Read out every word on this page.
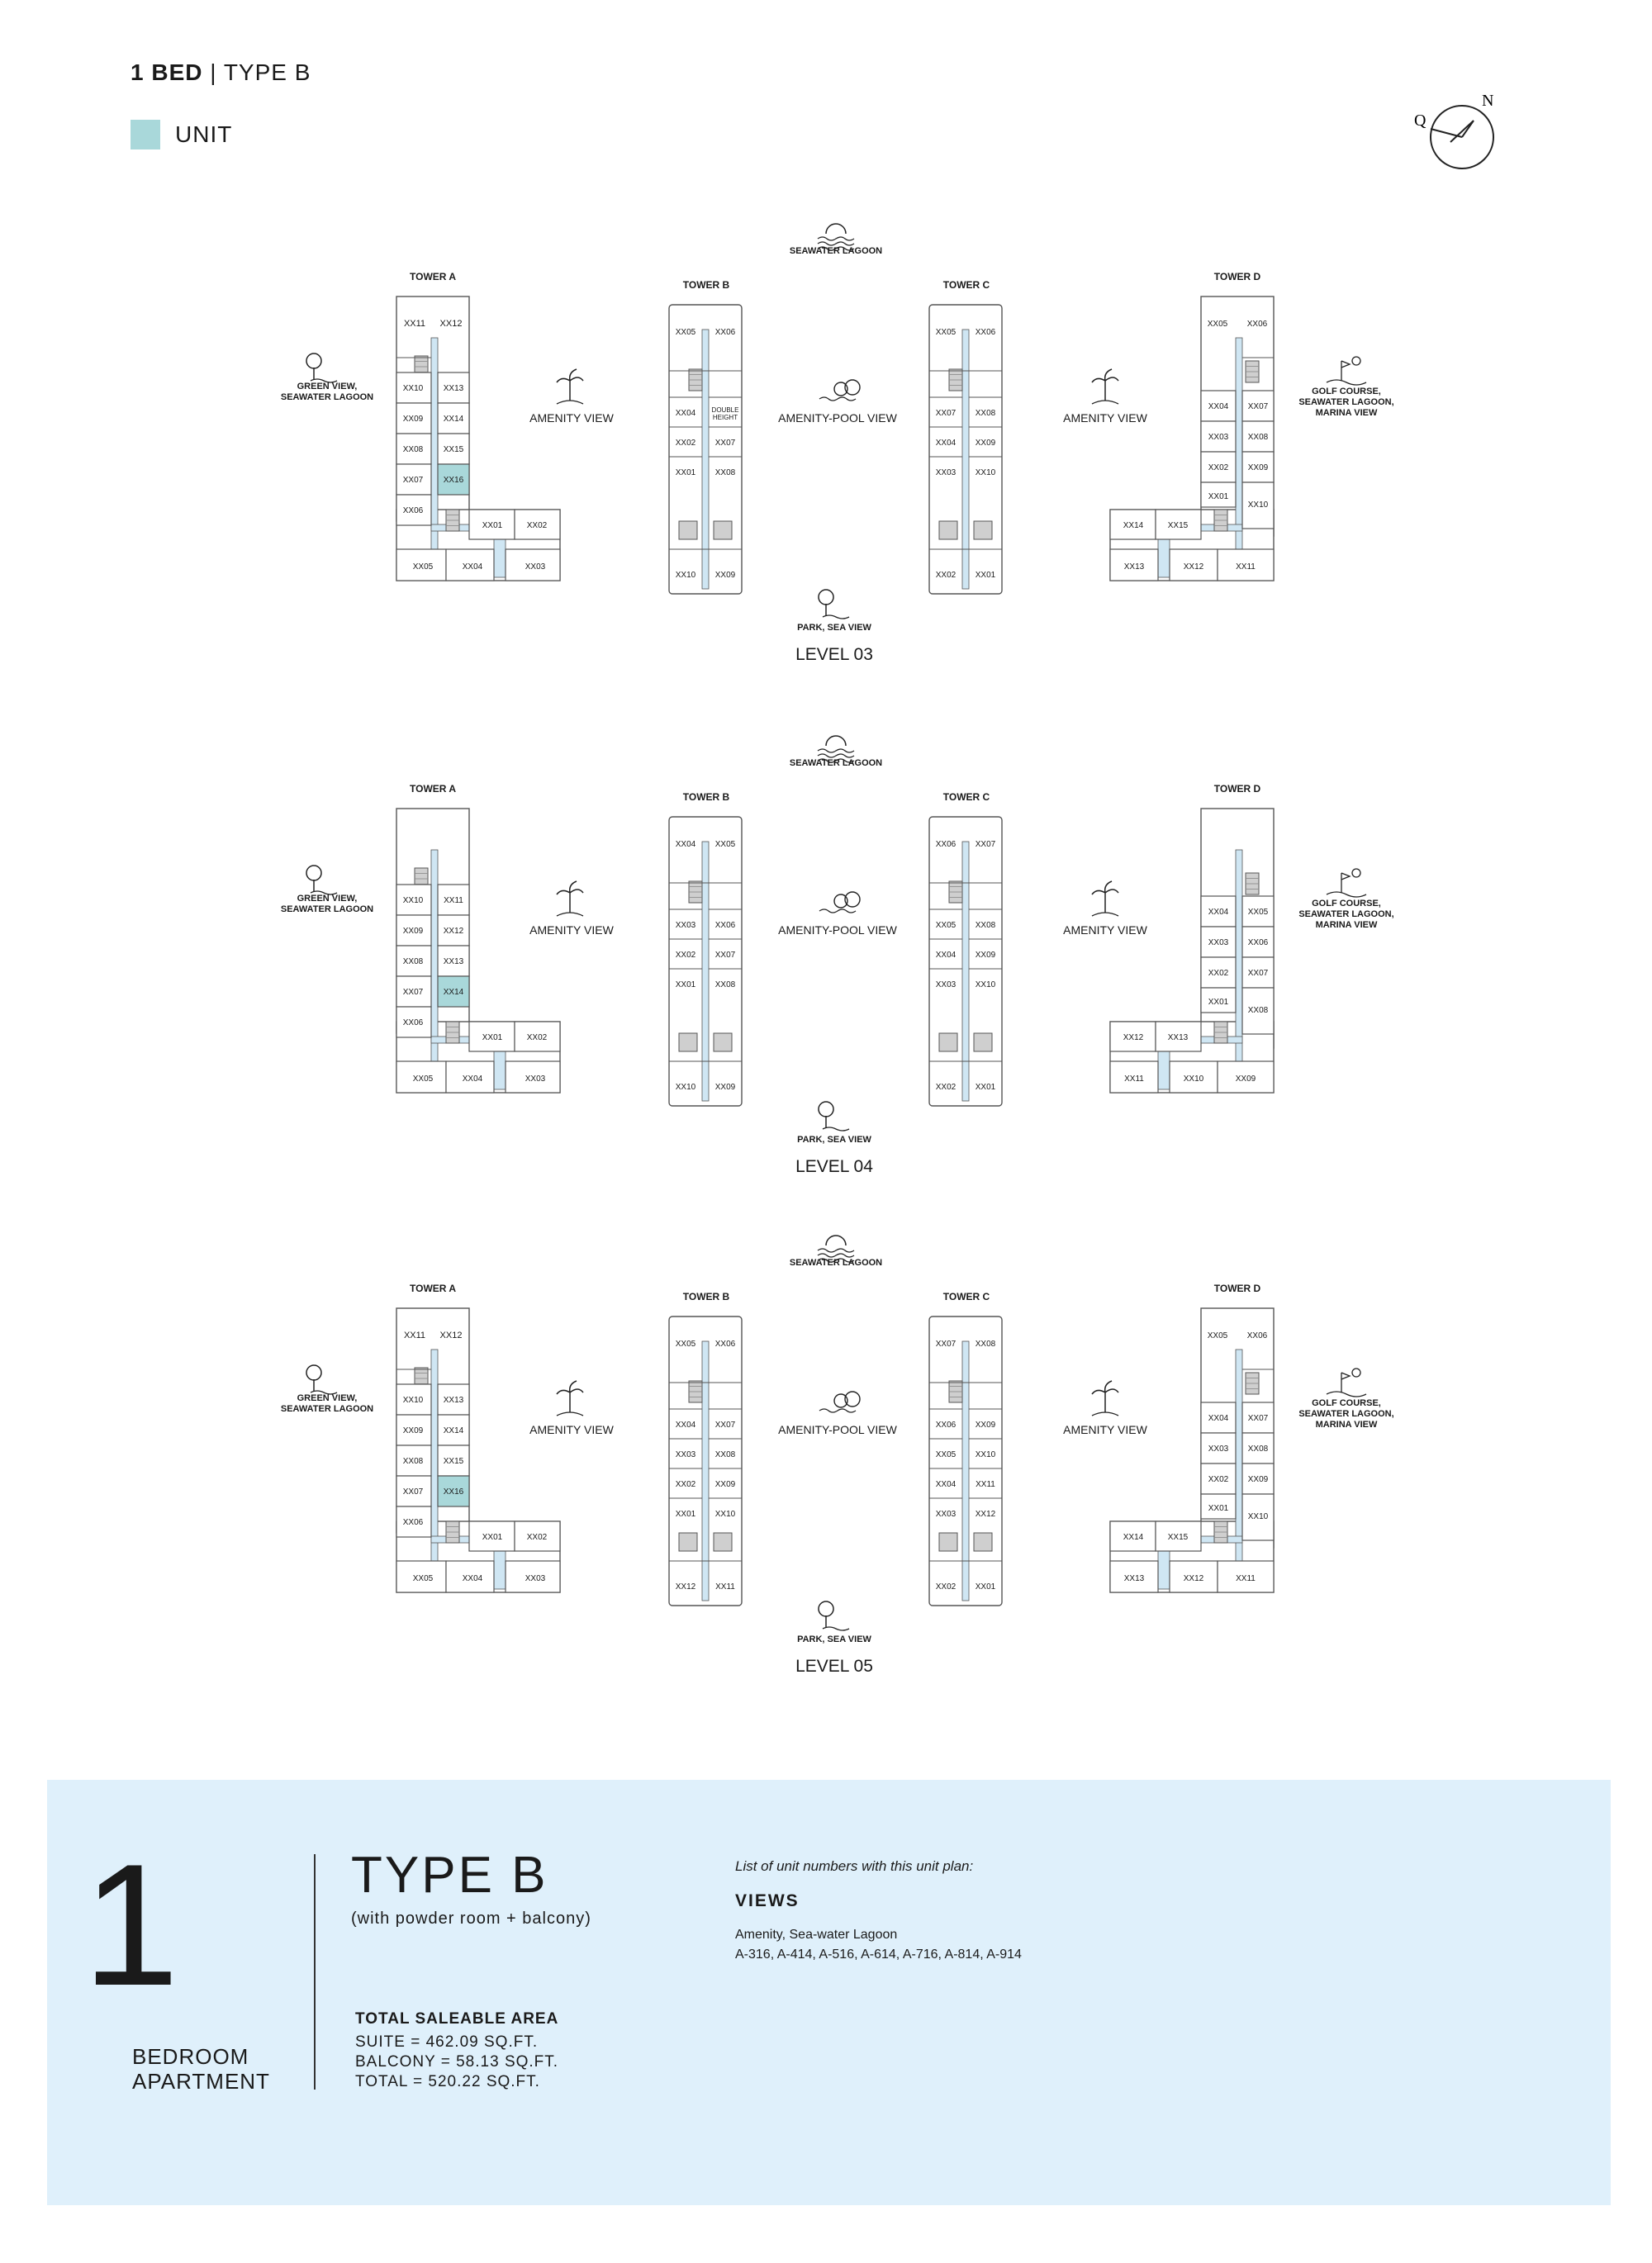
1 BED | TYPE B
UNIT
Q
N
SEAWATER LAGOON
TOWER A
TOWER B	TOWER C
TOWER D
XX11 XX12
XX10 XX13
XX09 XX14
XX08 XX15
XX07 XX16
XX06
XX01	XX02
XX05	XX04	XX03
XX05 XX06
XX04 DOUBLE
HEIGHT
XX02 XX07
XX01 XX08
XX10 XX09
XX05 XX06
XX07 XX08
XX04 XX09
XX03 XX10
XX02 XX01
XX05 XX06
XX04 XX07
XX03 XX08
XX02 XX09
XX01
XX10
XX14	XX15
XX13	XX12	XX11
GREEN VIEW,
SEAWATER LAGOON
AMENITY VIEW	AMENITY-POOL VIEW	AMENITY VIEW
GOLF COURSE,
SEAWATER LAGOON,
MARINA VIEW
PARK, SEA VIEW
LEVEL 03
SEAWATER LAGOON
TOWER A
TOWER B	TOWER C
TOWER D
XX10 XX11
XX09 XX12
XX08 XX13
XX07 XX14
XX06
XX01	XX02
XX05	XX04	XX03
XX04 XX05
XX03 XX06
XX02 XX07
XX01 XX08
XX10 XX09
XX06 XX07
XX05 XX08
XX04 XX09
XX03 XX10
XX02 XX01
XX04 XX05
XX03 XX06
XX02 XX07
XX01
XX08
XX12	XX13
XX11	XX10	XX09
GREEN VIEW,
SEAWATER LAGOON
AMENITY VIEW	AMENITY-POOL VIEW	AMENITY VIEW
GOLF COURSE,
SEAWATER LAGOON,
MARINA VIEW
PARK, SEA VIEW
LEVEL 04
SEAWATER LAGOON
TOWER A
TOWER B	TOWER C
TOWER D
XX11 XX12
XX10 XX13
XX09 XX14
XX08 XX15
XX07 XX16
XX06
XX01	XX02
XX05	XX04	XX03
XX05 XX06
XX04 XX07
XX03 XX08
XX02 XX09
XX01 XX10
XX12 XX11
XX07 XX08
XX06 XX09
XX05 XX10
XX04 XX11
XX03 XX12
XX02 XX01
XX05 XX06
XX04 XX07
XX03 XX08
XX02 XX09
XX01
XX10
XX14	XX15
XX13	XX12	XX11
GREEN VIEW,
SEAWATER LAGOON
AMENITY VIEW	AMENITY-POOL VIEW	AMENITY VIEW
GOLF COURSE,
SEAWATER LAGOON,
MARINA VIEW
PARK, SEA VIEW
LEVEL 05
1
BEDROOM
APARTMENT
TYPE B
(with powder room + balcony)
TOTAL SALEABLE AREA
SUITE = 462.09 SQ.FT.
BALCONY = 58.13 SQ.FT.
TOTAL = 520.22 SQ.FT.
List of unit numbers with this unit plan:
VIEWS
Amenity, Sea-water Lagoon
A-316, A-414, A-516, A-614, A-716, A-814, A-914
